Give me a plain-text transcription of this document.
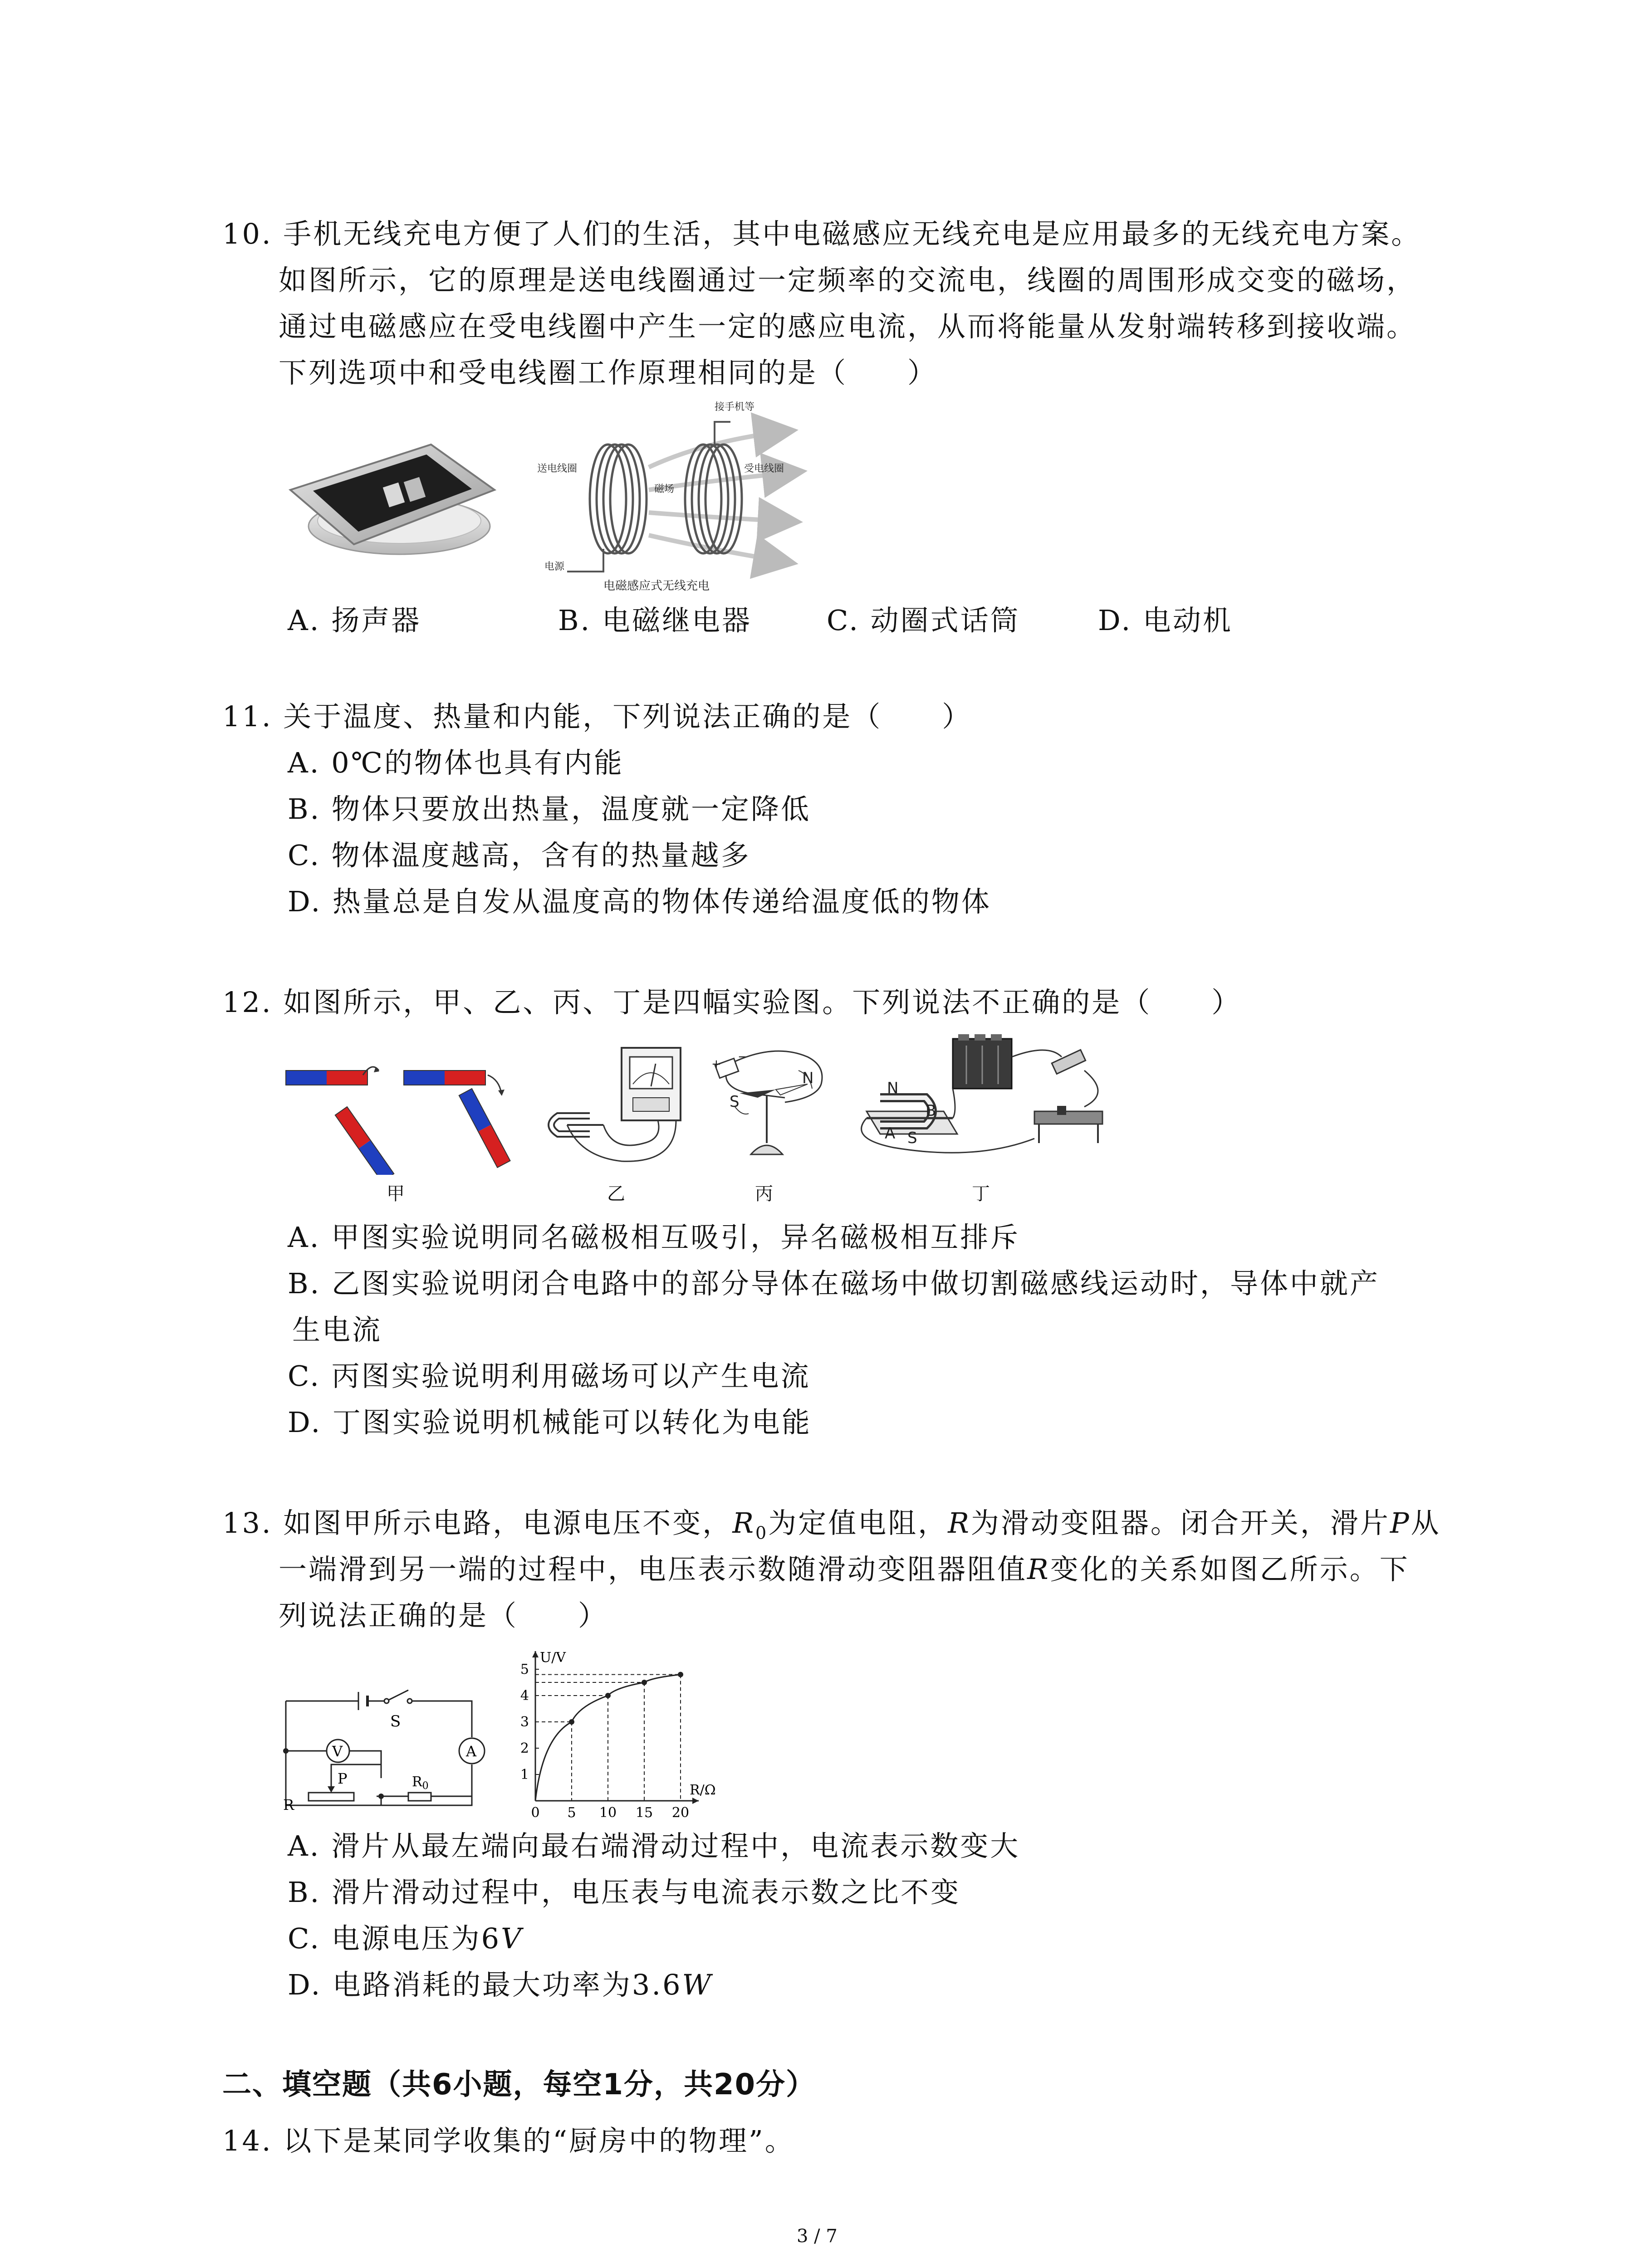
10. 手机无线充电方便了人们的生活，其中电磁感应无线充电是应用最多的无线充电方案。
如图所示，它的原理是送电线圈通过一定频率的交流电，线圈的周围形成交变的磁场，
通过电磁感应在受电线圈中产生一定的感应电流，从而将能量从发射端转移到接收端。
下列选项中和受电线圈工作原理相同的是（　　）
接手机等
送电线圈
磁场
受电线圈
电源
电磁感应式无线充电
A. 扬声器	B. 电磁继电器	C. 动圈式话筒	D. 电动机
11. 关于温度、热量和内能，下列说法正确的是（　　）
A. 0℃的物体也具有内能
B. 物体只要放出热量，温度就一定降低
C. 物体温度越高，含有的热量越多
D. 热量总是自发从温度高的物体传递给温度低的物体
12. 如图所示，甲、乙、丙、丁是四幅实验图。下列说法不正确的是（　　）
+
−
S
N
N
B
A S
甲	乙	丙	丁
A. 甲图实验说明同名磁极相互吸引，异名磁极相互排斥
B. 乙图实验说明闭合电路中的部分导体在磁场中做切割磁感线运动时，导体中就产
生电流
C. 丙图实验说明利用磁场可以产生电流
D. 丁图实验说明机械能可以转化为电能
13. 如图甲所示电路，电源电压不变，$R_0$为定值电阻，R为滑动变阻器。闭合开关，滑片P从
一端滑到另一端的过程中，电压表示数随滑动变阻器阻值R变化的关系如图乙所示。下
列说法正确的是（　　）
S
V	A
P
R
$R_0$
U/V
R/Ω
0 5 10 15 20
1
2
3
4
5
A. 滑片从最左端向最右端滑动过程中，电流表示数变大
B. 滑片滑动过程中，电压表与电流表示数之比不变
C. 电源电压为6V
D. 电路消耗的最大功率为3.6W
二、填空题（共6小题，每空1分，共20分）
14. 以下是某同学收集的“厨房中的物理”。
3 / 7
